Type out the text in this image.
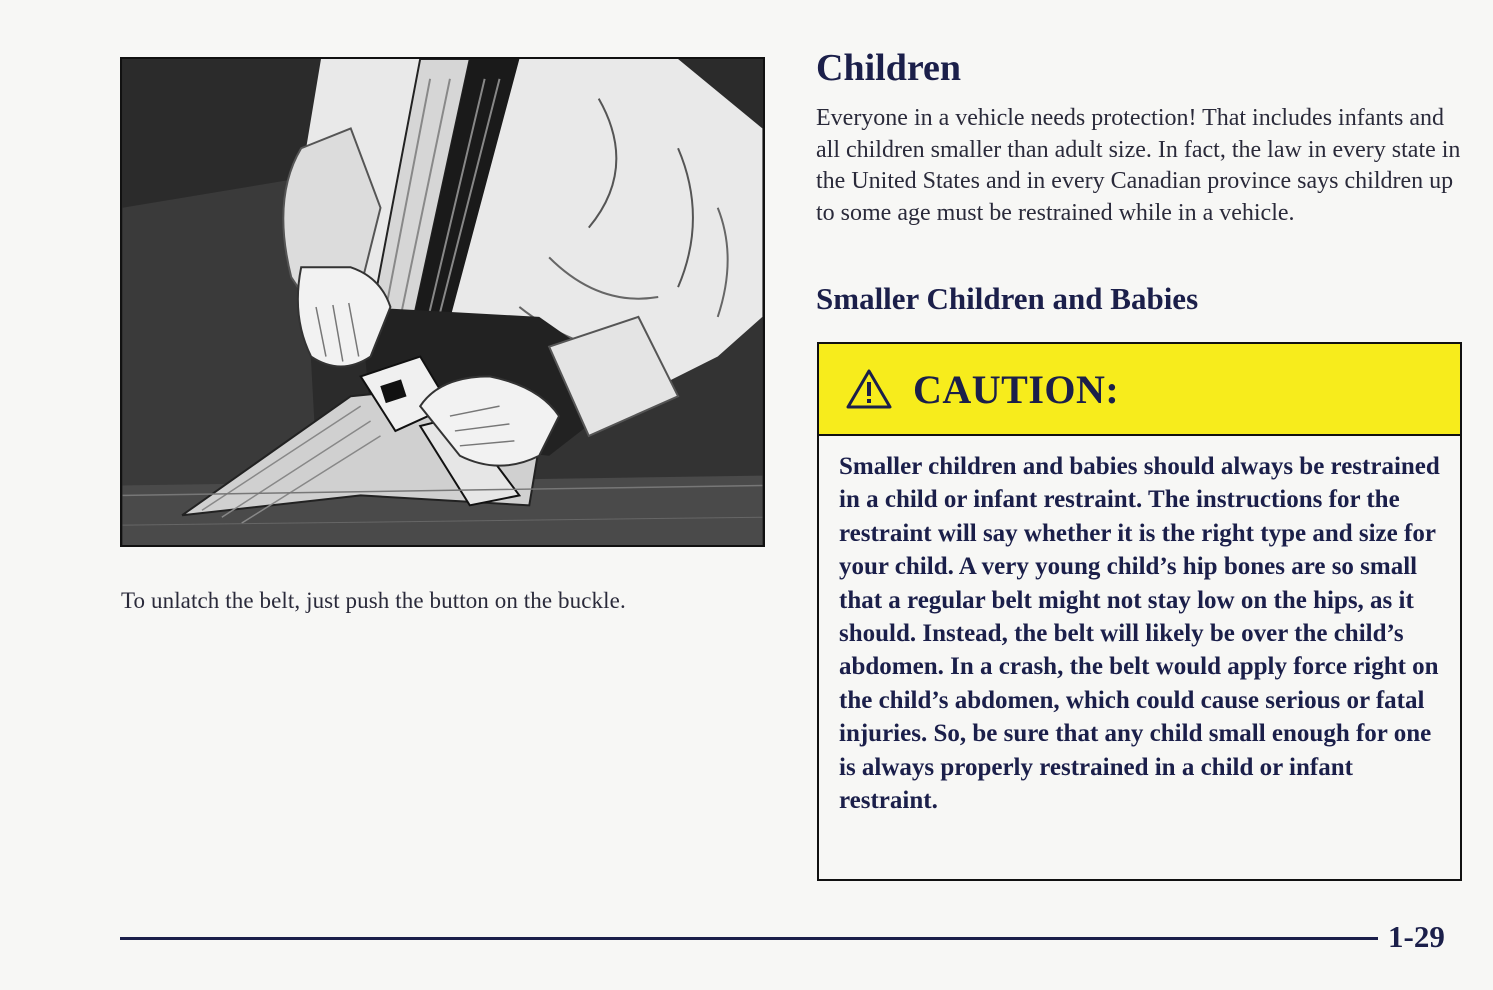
To unlatch the belt, just push the button on the buckle.
Children

Everyone in a vehicle needs protection! That includes infants and all children smaller than adult size. In fact, the law in every state in the United States and in every Canadian province says children up to some age must be restrained while in a vehicle.

Smaller Children and Babies
CAUTION:

Smaller children and babies should always be restrained in a child or infant restraint. The instructions for the restraint will say whether it is the right type and size for your child. A very young child’s hip bones are so small that a regular belt might not stay low on the hips, as it should. Instead, the belt will likely be over the child’s abdomen. In a crash, the belt would apply force right on the child’s abdomen, which could cause serious or fatal injuries. So, be sure that any child small enough for one is always properly restrained in a child or infant restraint.

1-29
